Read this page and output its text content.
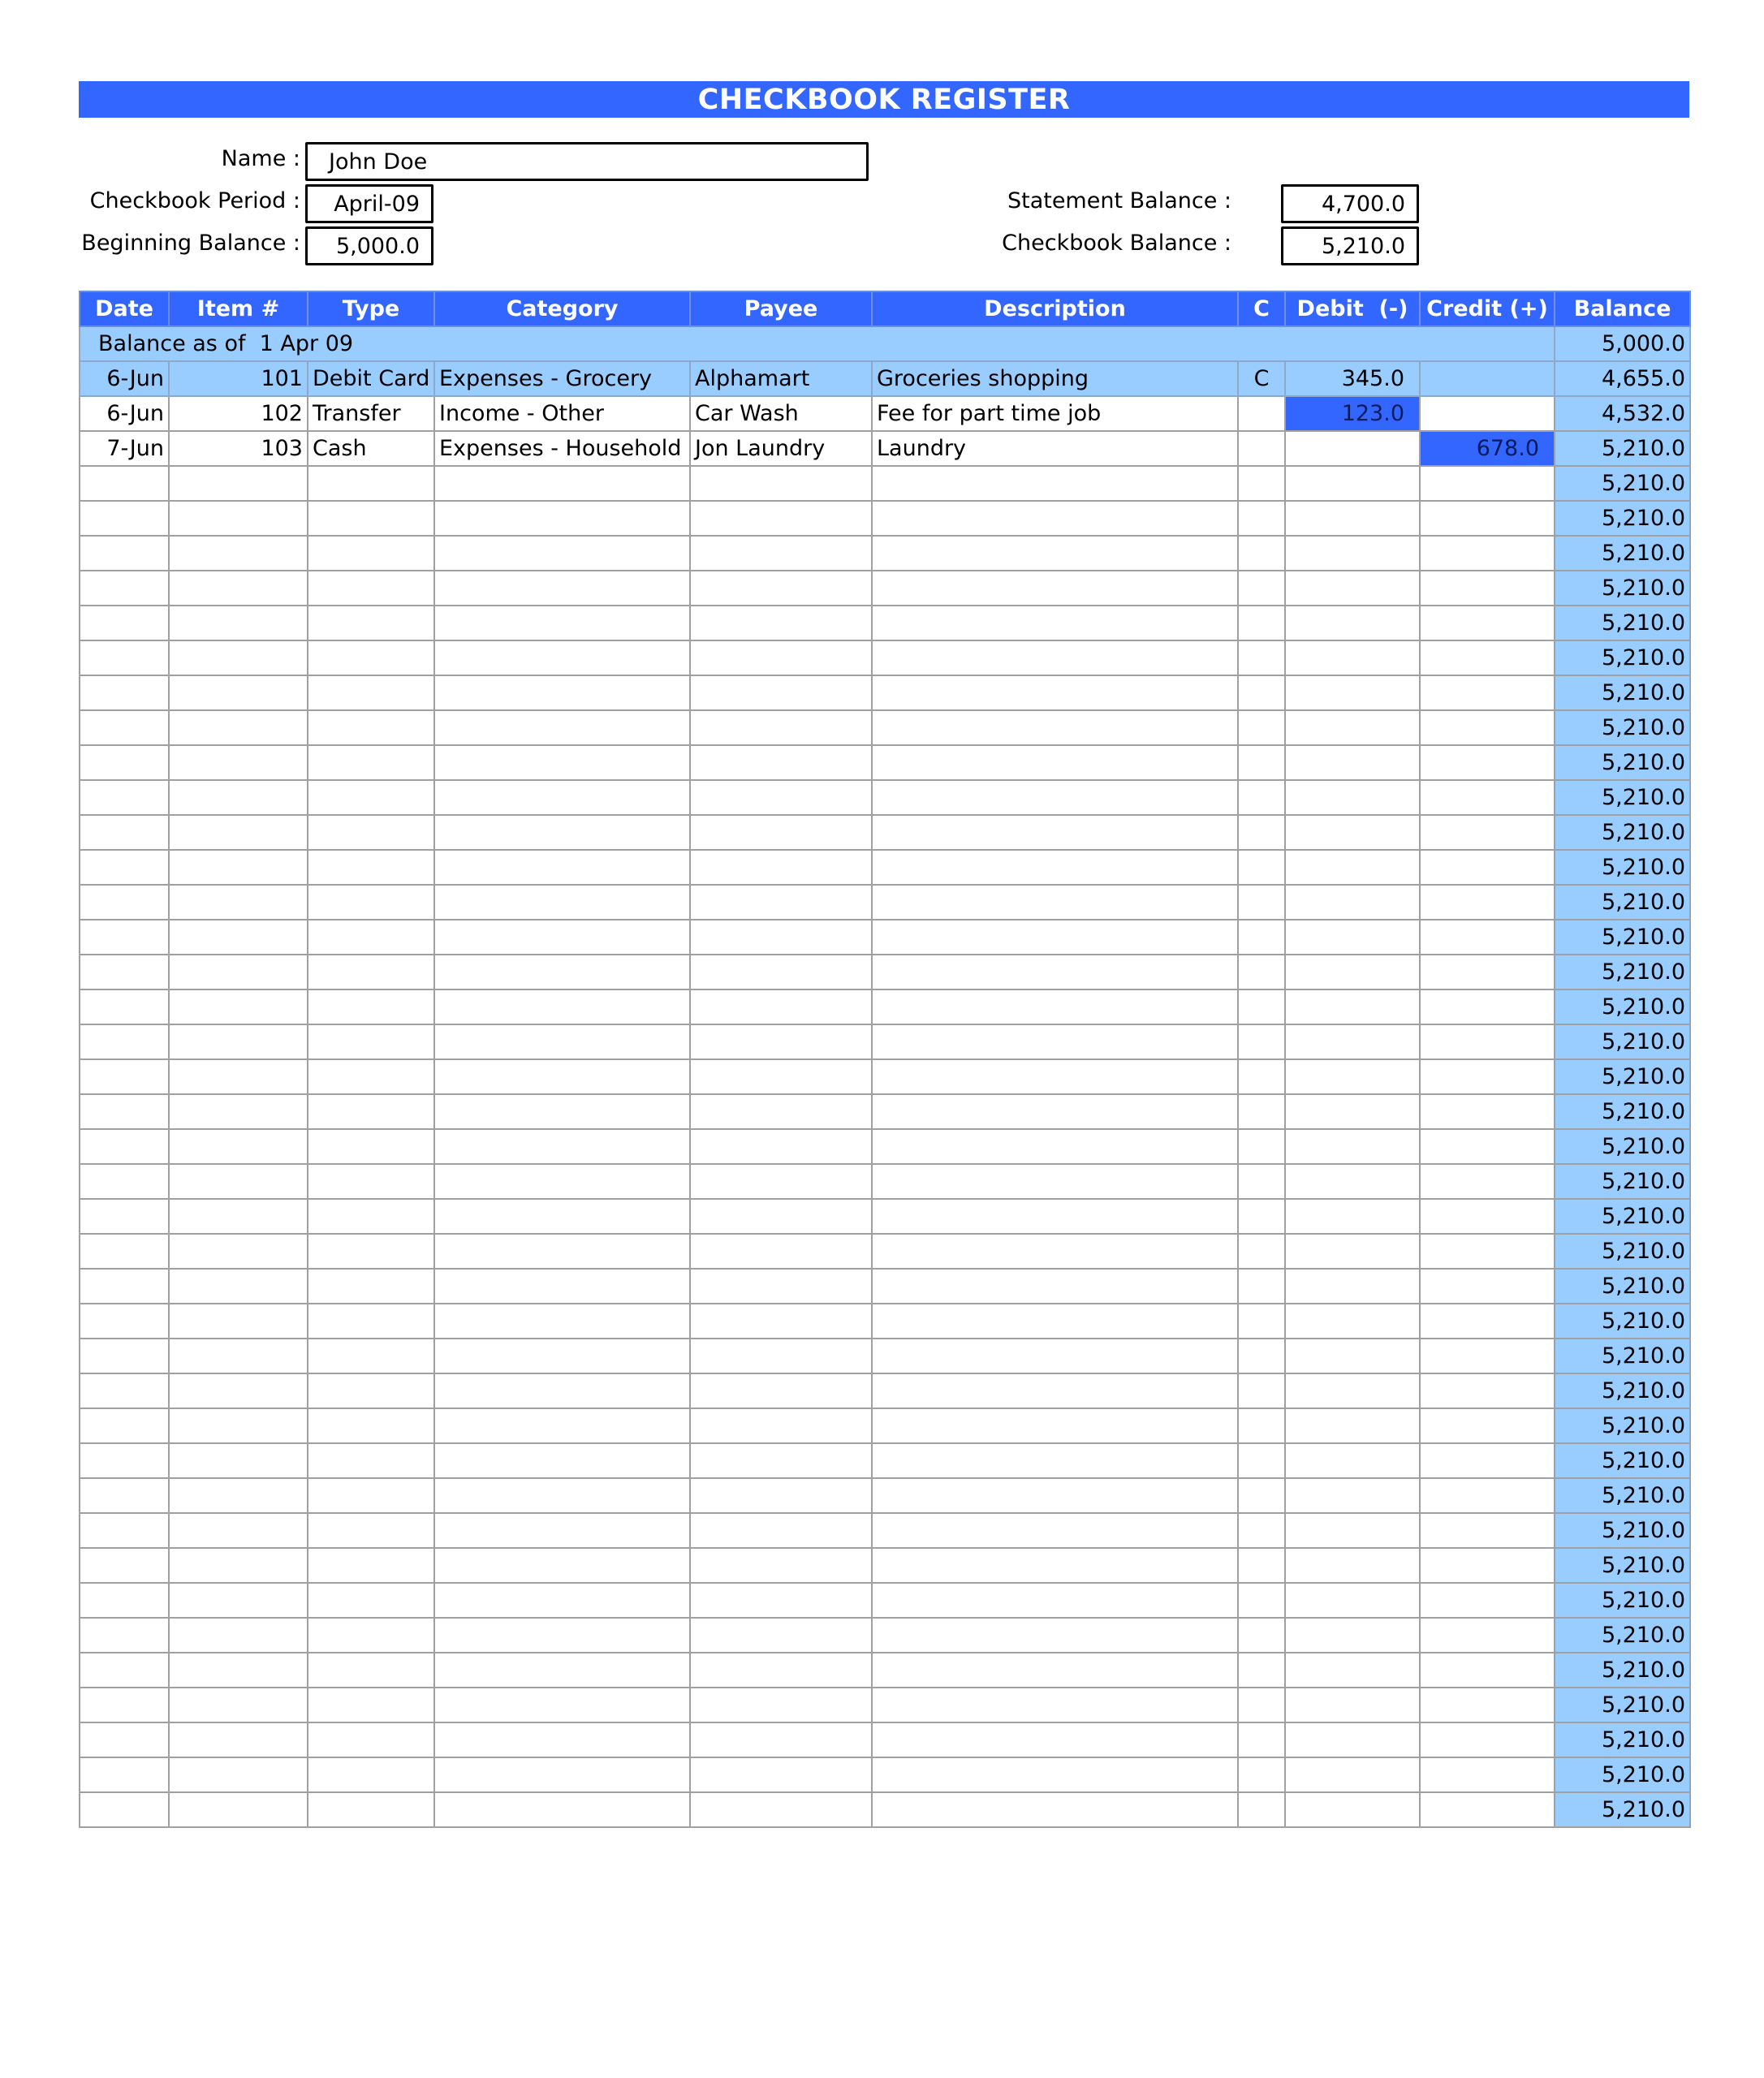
CHECKBOOK REGISTER
Name :	John Doe
Checkbook Period :	April-09
Beginning Balance :	5,000.0
Statement Balance :	4,700.0
Checkbook Balance :	5,210.0
Date	Item #	Type	Category	Payee	Description	C	Debit  (-)	Credit (+)	Balance
Balance as of  1 Apr 09									5,000.0
6-Jun	101	Debit Card	Expenses - Grocery	Alphamart	Groceries shopping	C	345.0		4,655.0
6-Jun	102	Transfer	Income - Other	Car Wash	Fee for part time job		123.0		4,532.0
7-Jun	103	Cash	Expenses - Household	Jon Laundry	Laundry			678.0	5,210.0
									5,210.0
									5,210.0
									5,210.0
									5,210.0
									5,210.0
									5,210.0
									5,210.0
									5,210.0
									5,210.0
									5,210.0
									5,210.0
									5,210.0
									5,210.0
									5,210.0
									5,210.0
									5,210.0
									5,210.0
									5,210.0
									5,210.0
									5,210.0
									5,210.0
									5,210.0
									5,210.0
									5,210.0
									5,210.0
									5,210.0
									5,210.0
									5,210.0
									5,210.0
									5,210.0
									5,210.0
									5,210.0
									5,210.0
									5,210.0
									5,210.0
									5,210.0
									5,210.0
									5,210.0
									5,210.0
